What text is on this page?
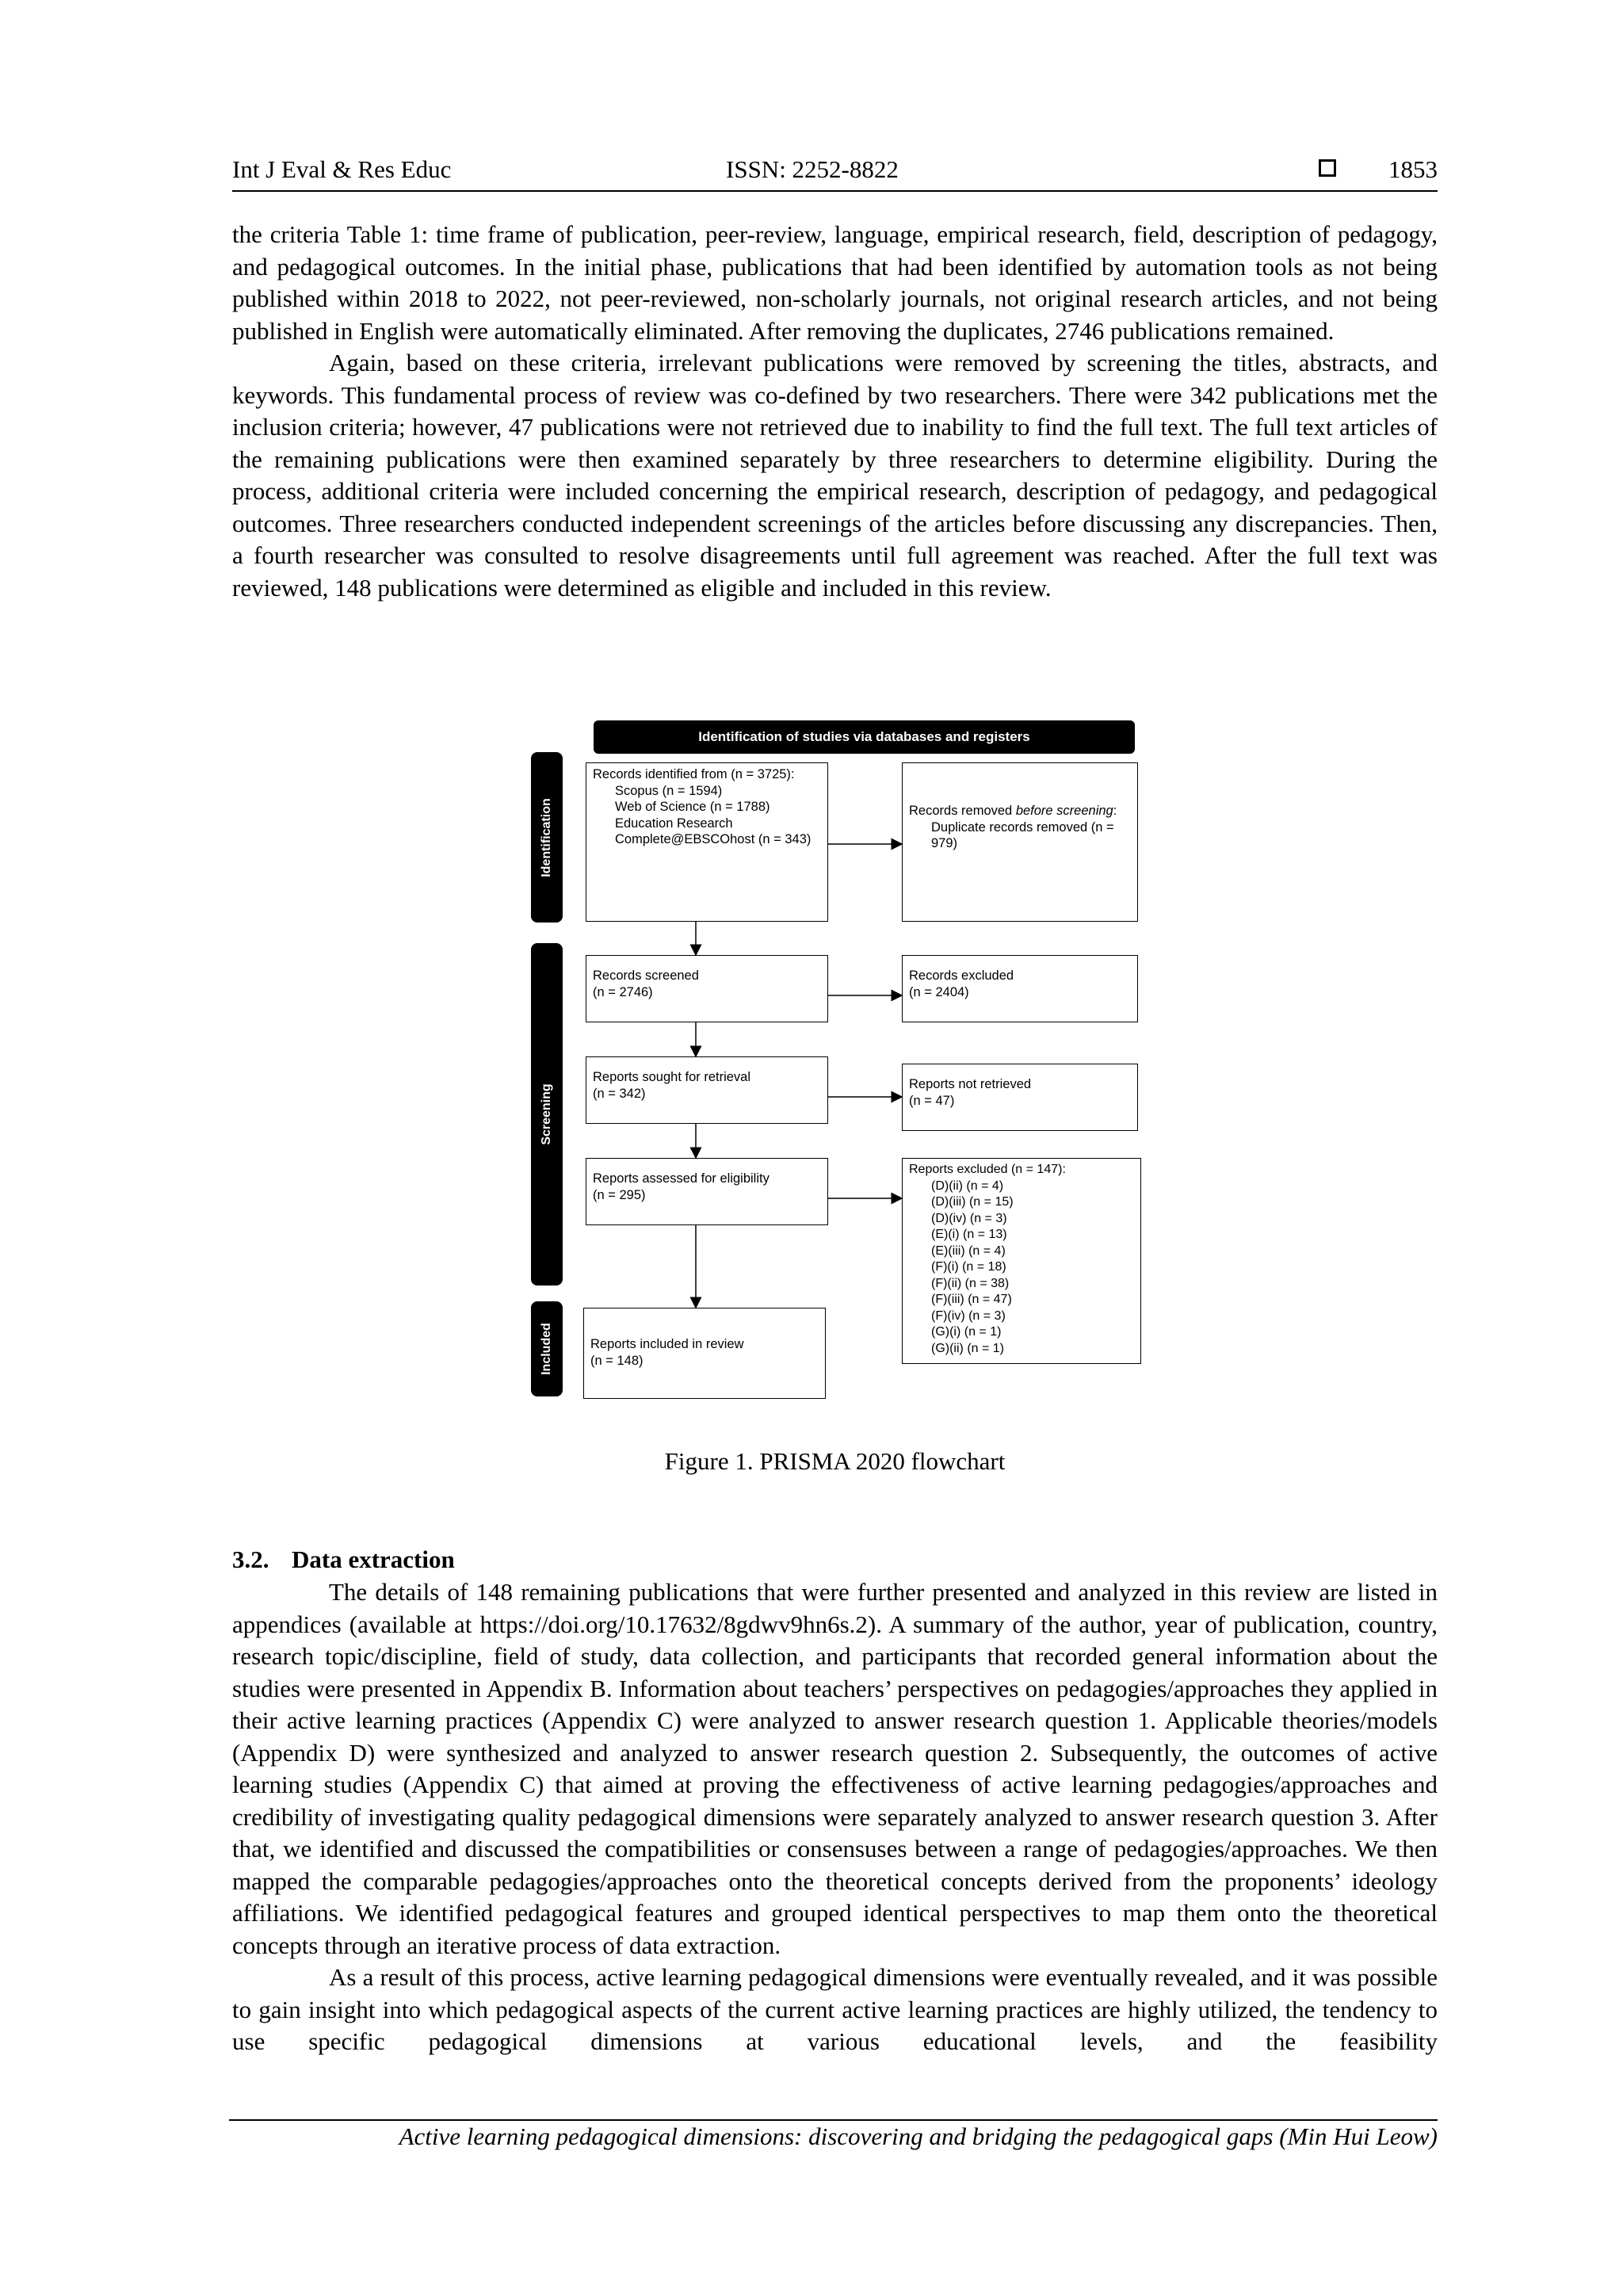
Int J Eval & Res Educ	ISSN: 2252-8822	1853

the criteria Table 1: time frame of publication, peer-review, language, empirical research, field, description of pedagogy, and pedagogical outcomes. In the initial phase, publications that had been identified by automation tools as not being published within 2018 to 2022, not peer-reviewed, non-scholarly journals, not original research articles, and not being published in English were automatically eliminated. After removing the duplicates, 2746 publications remained.

Again, based on these criteria, irrelevant publications were removed by screening the titles, abstracts, and keywords. This fundamental process of review was co-defined by two researchers. There were 342 publications met the inclusion criteria; however, 47 publications were not retrieved due to inability to find the full text. The full text articles of the remaining publications were then examined separately by three researchers to determine eligibility. During the process, additional criteria were included concerning the empirical research, description of pedagogy, and pedagogical outcomes. Three researchers conducted independent screenings of the articles before discussing any discrepancies. Then, a fourth researcher was consulted to resolve disagreements until full agreement was reached. After the full text was reviewed, 148 publications were determined as eligible and included in this review.

Identification of studies via databases and registers
Identification
Screening
Included
Records identified from (n = 3725):
Scopus (n = 1594)
Web of Science (n = 1788)
Education Research Complete@EBSCOhost (n = 343)
Records removed before screening:
Duplicate records removed (n = 979)
Records screened
(n = 2746)
Records excluded
(n = 2404)
Reports sought for retrieval
(n = 342)
Reports not retrieved
(n = 47)
Reports assessed for eligibility
(n = 295)
Reports excluded (n = 147):
(D)(ii) (n = 4)
(D)(iii) (n = 15)
(D)(iv) (n = 3)
(E)(i) (n = 13)
(E)(iii) (n = 4)
(F)(i) (n = 18)
(F)(ii) (n = 38)
(F)(iii) (n = 47)
(F)(iv) (n = 3)
(G)(i) (n = 1)
(G)(ii) (n = 1)
Reports included in review
(n = 148)
Figure 1. PRISMA 2020 flowchart
3.2. Data extraction

The details of 148 remaining publications that were further presented and analyzed in this review are listed in appendices (available at https://doi.org/10.17632/8gdwv9hn6s.2). A summary of the author, year of publication, country, research topic/discipline, field of study, data collection, and participants that recorded general information about the studies were presented in Appendix B. Information about teachers’ perspectives on pedagogies/approaches they applied in their active learning practices (Appendix C) were analyzed to answer research question 1. Applicable theories/models (Appendix D) were synthesized and analyzed to answer research question 2. Subsequently, the outcomes of active learning studies (Appendix C) that aimed at proving the effectiveness of active learning pedagogies/approaches and credibility of investigating quality pedagogical dimensions were separately analyzed to answer research question 3. After that, we identified and discussed the compatibilities or consensuses between a range of pedagogies/approaches. We then mapped the comparable pedagogies/approaches onto the theoretical concepts derived from the proponents’ ideology affiliations. We identified pedagogical features and grouped identical perspectives to map them onto the theoretical concepts through an iterative process of data extraction.

As a result of this process, active learning pedagogical dimensions were eventually revealed, and it was possible to gain insight into which pedagogical aspects of the current active learning practices are highly utilized, the tendency to use specific pedagogical dimensions at various educational levels, and the feasibility

Active learning pedagogical dimensions: discovering and bridging the pedagogical gaps (Min Hui Leow)
